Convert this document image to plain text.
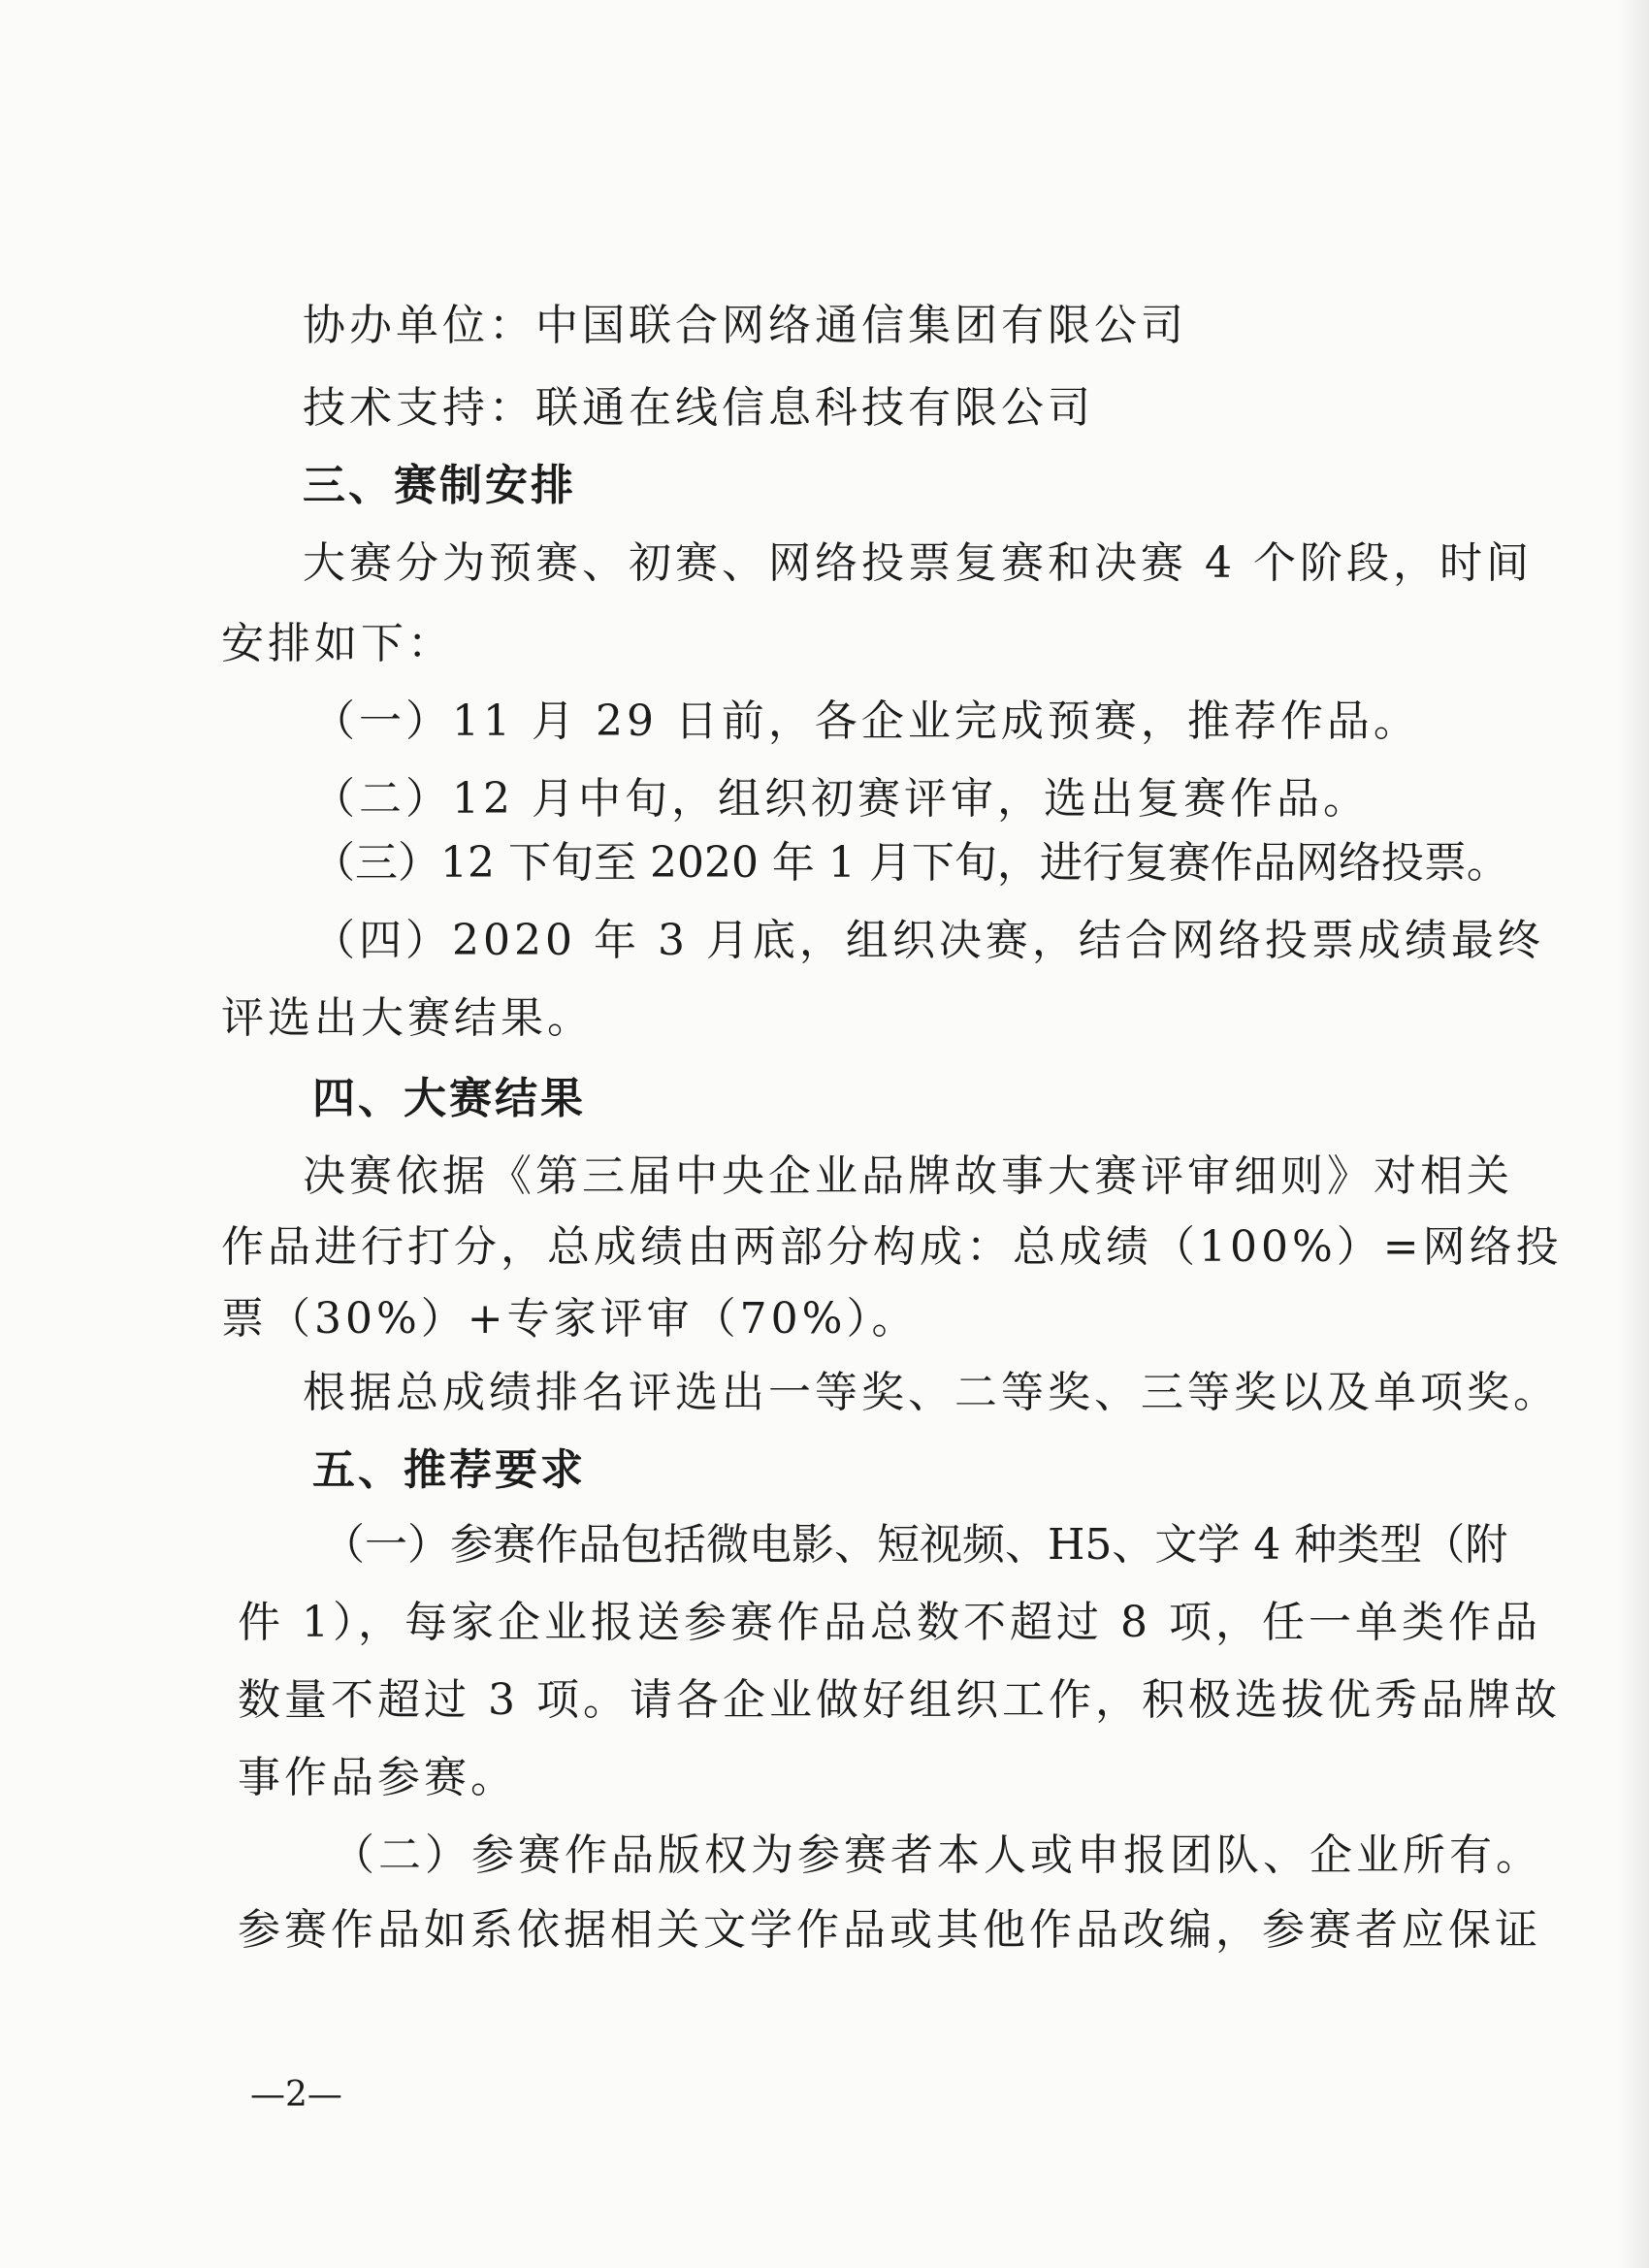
协办单位：中国联合网络通信集团有限公司
技术支持：联通在线信息科技有限公司
三、赛制安排
大赛分为预赛、初赛、网络投票复赛和决赛 4 个阶段，时间
安排如下：
（一）11 月 29 日前，各企业完成预赛，推荐作品。
（二）12 月中旬，组织初赛评审，选出复赛作品。
（三）12 下旬至 2020 年 1 月下旬，进行复赛作品网络投票。
（四）2020 年 3 月底，组织决赛，结合网络投票成绩最终
评选出大赛结果。
四、大赛结果
决赛依据《第三届中央企业品牌故事大赛评审细则》对相关
作品进行打分，总成绩由两部分构成：总成绩（100%）=网络投
票（30%）+专家评审（70%）。
根据总成绩排名评选出一等奖、二等奖、三等奖以及单项奖。
五、推荐要求
（一）参赛作品包括微电影、短视频、H5、文学 4 种类型（附
件 1），每家企业报送参赛作品总数不超过 8 项，任一单类作品
数量不超过 3 项。请各企业做好组织工作，积极选拔优秀品牌故
事作品参赛。
（二）参赛作品版权为参赛者本人或申报团队、企业所有。
参赛作品如系依据相关文学作品或其他作品改编，参赛者应保证
—2—
